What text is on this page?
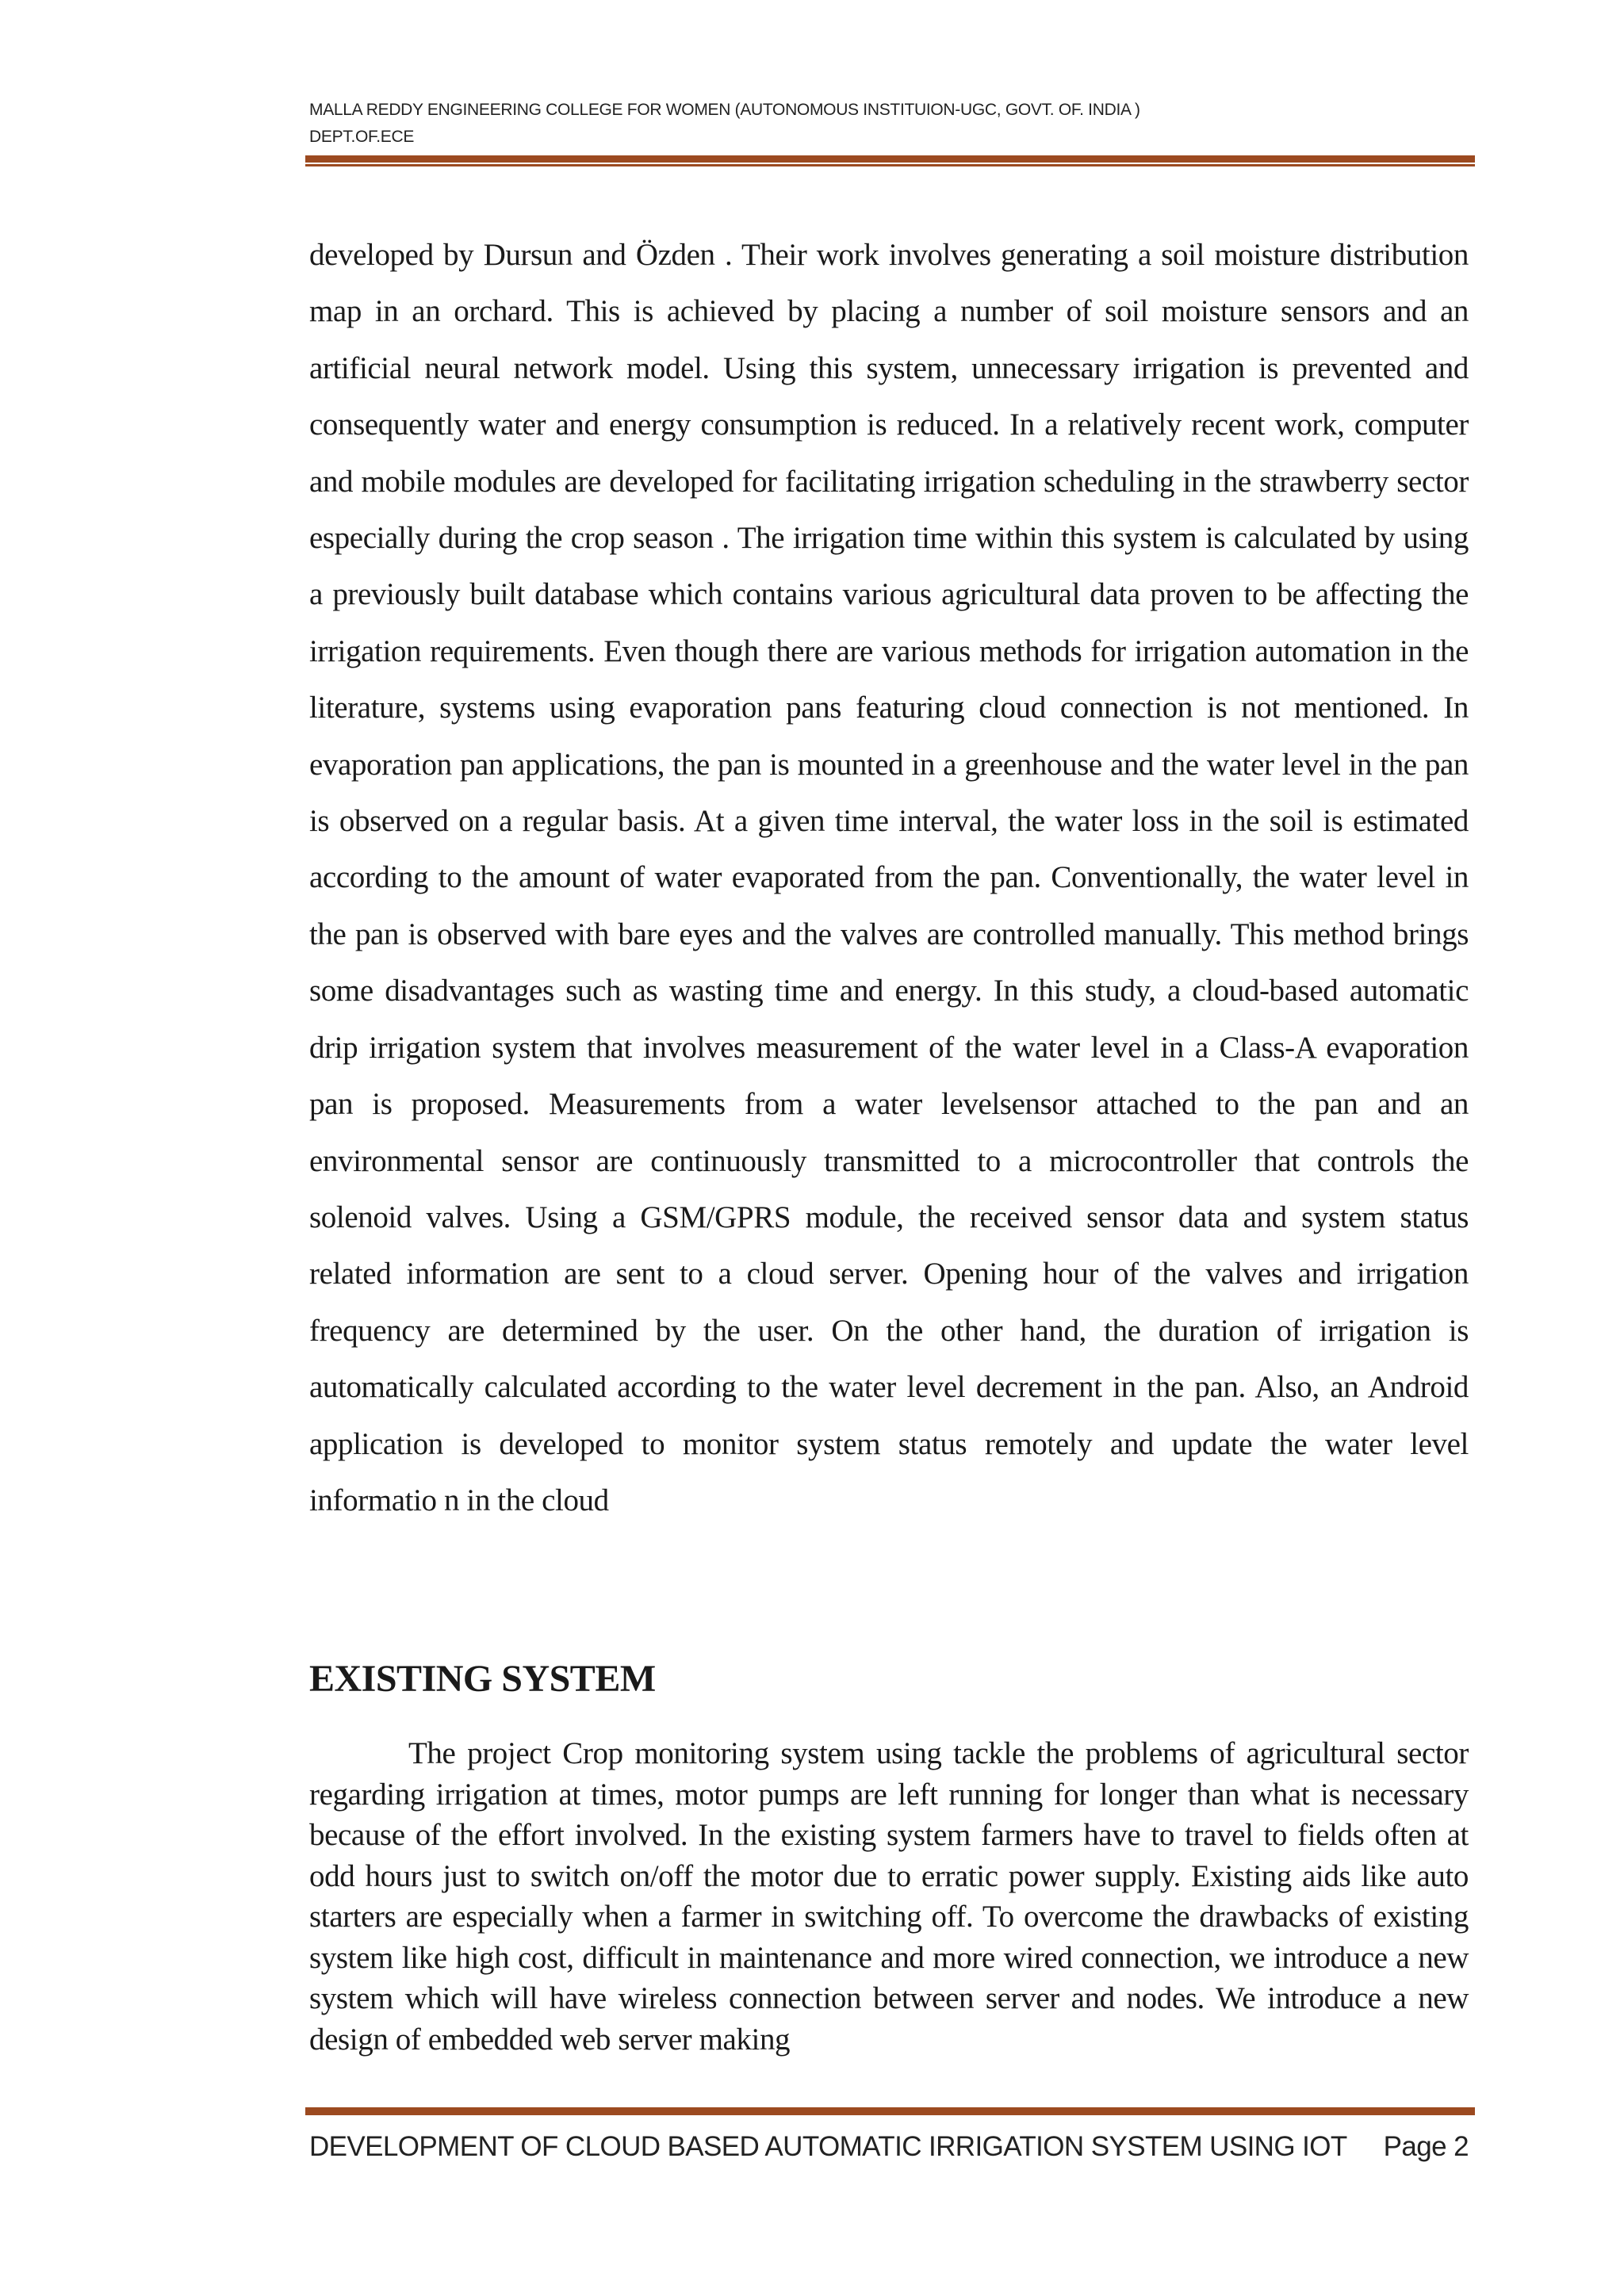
MALLA REDDY ENGINEERING COLLEGE FOR WOMEN (AUTONOMOUS INSTITUION-UGC, GOVT. OF. INDIA )
DEPT.OF.ECE

developed by Dursun and Özden . Their work involves generating a soil moisture distribution map in an orchard. This is achieved by placing a number of soil moisture sensors and an artificial neural network model. Using this system, unnecessary irrigation is prevented and consequently water and energy consumption is reduced. In a relatively recent work, computer and mobile modules are developed for facilitating irrigation scheduling in the strawberry sector especially during the crop season . The irrigation time within this system is calculated by using a previously built database which contains various agricultural data proven to be affecting the irrigation requirements. Even though there are various methods for irrigation automation in the literature, systems using evaporation pans featuring cloud connection is not mentioned. In evaporation pan applications, the pan is mounted in a greenhouse and the water level in the pan is observed on a regular basis. At a given time interval, the water loss in the soil is estimated according to the amount of water evaporated from the pan. Conventionally, the water level in the pan is observed with bare eyes and the valves are controlled manually. This method brings some disadvantages such as wasting time and energy. In this study, a cloud-based automatic drip irrigation system that involves measurement of the water level in a Class-A evaporation pan is proposed. Measurements from a water levelsensor attached to the pan and an environmental sensor are continuously transmitted to a microcontroller that controls the solenoid valves. Using a GSM/GPRS module, the received sensor data and system status related information are sent to a cloud server. Opening hour of the valves and irrigation frequency are determined by the user. On the other hand, the duration of irrigation is automatically calculated according to the water level decrement in the pan. Also, an Android application is developed to monitor system status remotely and update the water level informatio n in the cloud

EXISTING SYSTEM

The project Crop monitoring system using tackle the problems of agricultural sector regarding irrigation at times, motor pumps are left running for longer than what is necessary because of the effort involved. In the existing system farmers have to travel to fields often at odd hours just to switch on/off the motor due to erratic power supply. Existing aids like auto starters are especially when a farmer in switching off. To overcome the drawbacks of existing system like high cost, difficult in maintenance and more wired connection, we introduce a new system which will have wireless connection between server and nodes. We introduce a new design of embedded web server making

DEVELOPMENT OF CLOUD BASED AUTOMATIC IRRIGATION SYSTEM USING IOT Page 2
